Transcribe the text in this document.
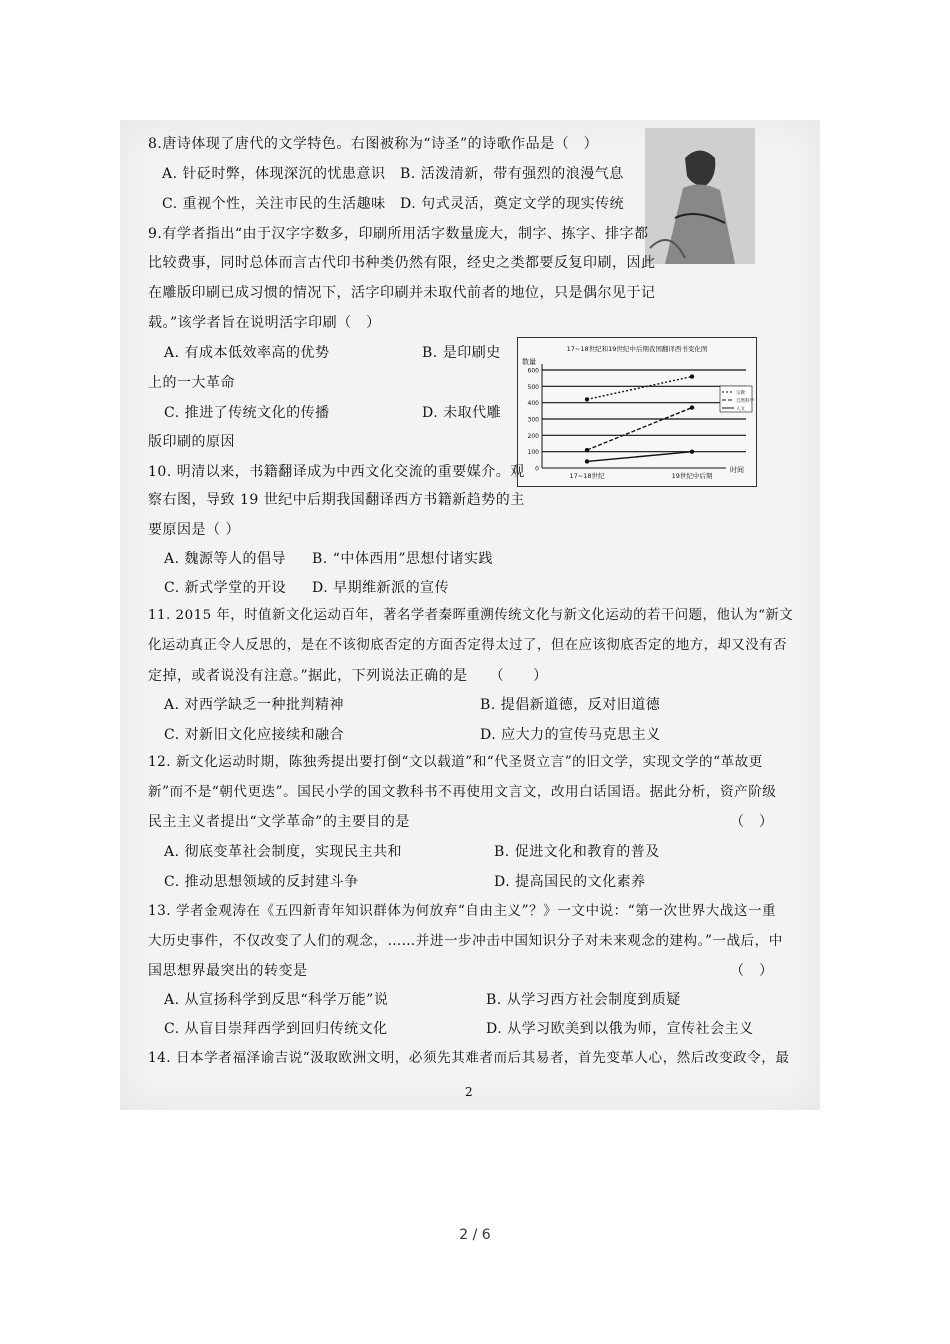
8.唐诗体现了唐代的文学特色。右图被称为“诗圣”的诗歌作品是（　）
A. 针砭时弊，体现深沉的忧患意识 B. 活泼清新，带有强烈的浪漫气息
C. 重视个性，关注市民的生活趣味 D. 句式灵活，奠定文学的现实传统
9.有学者指出“由于汉字字数多，印刷所用活字数量庞大，制字、拣字、排字都
比较费事，同时总体而言古代印书种类仍然有限，经史之类都要反复印刷，因此
在雕版印刷已成习惯的情况下，活字印刷并未取代前者的地位，只是偶尔见于记
载。”该学者旨在说明活字印刷（　）
A. 有成本低效率高的优势	B. 是印刷史
上的一大革命
C. 推进了传统文化的传播	D. 未取代雕
版印刷的原因
17~18世纪和19世纪中后期我国翻译西书变化图
数量
时间
0
100
200
300
400
500
600
17~18世纪	19世纪中后期
宗教
自然科学
人文
10. 明清以来，书籍翻译成为中西文化交流的重要媒介。观
察右图，导致 19 世纪中后期我国翻译西方书籍新趋势的主
要原因是（ ）
A. 魏源等人的倡导 B. “中体西用”思想付诸实践
C. 新式学堂的开设 D. 早期维新派的宣传
11. 2015 年，时值新文化运动百年，著名学者秦晖重溯传统文化与新文化运动的若干问题，他认为“新文
化运动真正令人反思的，是在不该彻底否定的方面否定得太过了，但在应该彻底否定的地方，却又没有否
定掉，或者说没有注意。”据此，下列说法正确的是　　（　　）
A. 对西学缺乏一种批判精神	B. 提倡新道德，反对旧道德
C. 对新旧文化应接续和融合	D. 应大力的宣传马克思主义
12. 新文化运动时期，陈独秀提出要打倒“文以载道”和“代圣贤立言”的旧文学，实现文学的“革故更
新”而不是“朝代更迭”。国民小学的国文教科书不再使用文言文，改用白话国语。据此分析，资产阶级
民主主义者提出“文学革命”的主要目的是	（　）
A. 彻底变革社会制度，实现民主共和	B. 促进文化和教育的普及
C. 推动思想领域的反封建斗争	D. 提高国民的文化素养
13. 学者金观涛在《五四新青年知识群体为何放弃“自由主义”？》一文中说：“第一次世界大战这一重
大历史事件，不仅改变了人们的观念，……并进一步冲击中国知识分子对未来观念的建构。”一战后，中
国思想界最突出的转变是	（　）
A. 从宣扬科学到反思“科学万能”说	B. 从学习西方社会制度到质疑
C. 从盲目崇拜西学到回归传统文化	D. 从学习欧美到以俄为师，宣传社会主义
14. 日本学者福泽谕吉说“汲取欧洲文明，必须先其难者而后其易者，首先变革人心，然后改变政令，最
2
2 / 6
